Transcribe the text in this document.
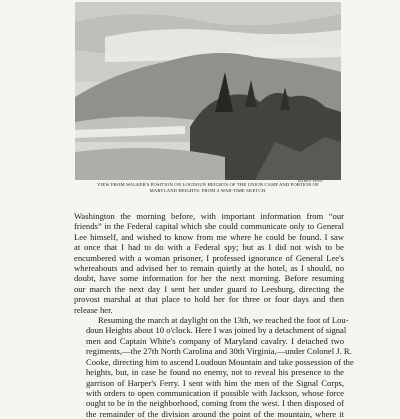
HARRY FENN
VIEW FROM WALKER'S POSITION ON LOUDOUN HEIGHTS OF THE UNION CAMP AND PORTION OF
MARYLAND HEIGHTS. FROM A WAR-TIME SKETCH.

Washington the morning before, with important information from “our
friends” in the Federal capital which she could communicate only to General
Lee himself, and wished to know from me where he could be found. I saw
at once that I had to do with a Federal spy; but as I did not wish to be
encumbered with a woman prisoner, I professed ignorance of General Lee's
whereabouts and advised her to remain quietly at the hotel, as I should, no
doubt, have some information for her the next morning. Before resuming
our march the next day I sent her under guard to Leesburg, directing the
provost marshal at that place to hold her for three or four days and then
release her.

Resuming the march at daylight on the 13th, we reached the foot of Lou-
doun Heights about 10 o'clock. Here I was joined by a detachment of signal
men and Captain White's company of Maryland cavalry. I detached two
regiments,—the 27th North Carolina and 30th Virginia,—under Colonel J. R.
Cooke, directing him to ascend Loudoun Mountain and take possession of the
heights, but, in case he found no enemy, not to reveal his presence to the
garrison of Harper's Ferry. I sent with him the men of the Signal Corps,
with orders to open communication if possible with Jackson, whose force
ought to be in the neighborhood, coming from the west. I then disposed of
the remainder of the division around the point of the mountain, where it
